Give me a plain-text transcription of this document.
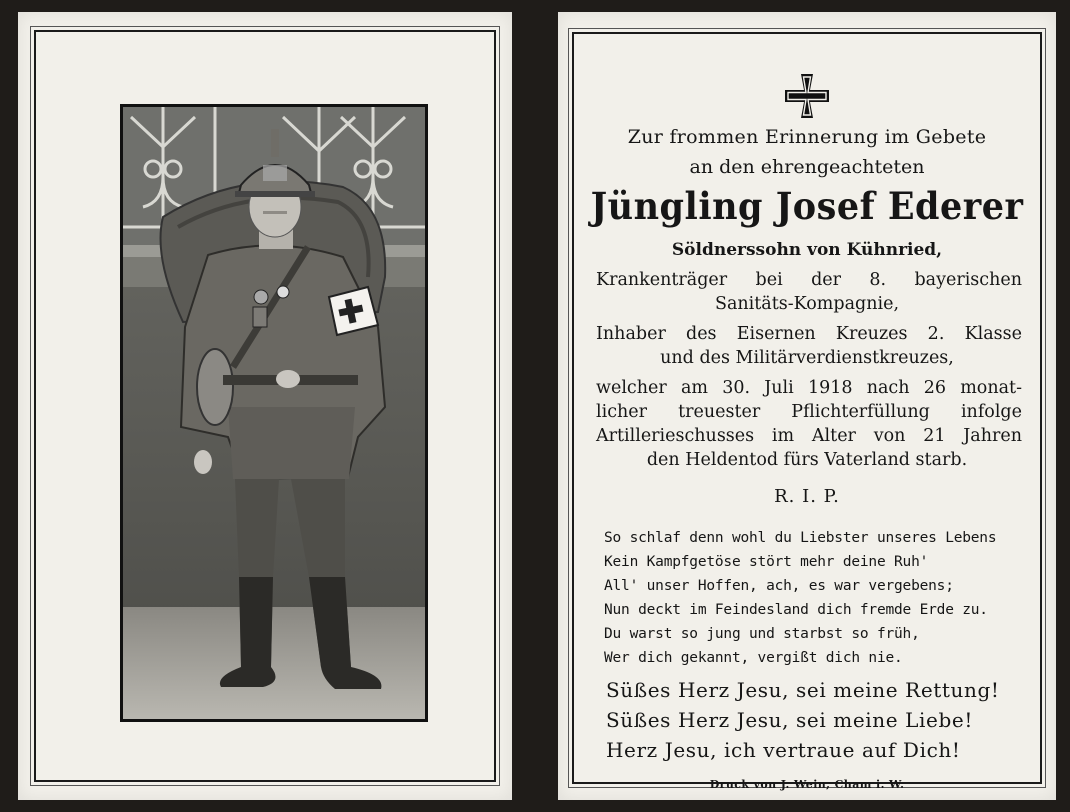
Zur frommen Erinnerung im Gebete
an den ehrengeachteten
Jüngling Josef Ederer
Söldnerssohn von Kühnried,
Krankenträger bei der 8. bayerischen
Sanitäts-Kompagnie,
Inhaber des Eisernen Kreuzes 2. Klasse
und des Militärverdienstkreuzes,
welcher am 30. Juli 1918 nach 26 monat-
licher treuester Pflichterfüllung infolge
Artillerieschusses im Alter von 21 Jahren
den Heldentod fürs Vaterland starb.
R. I. P.
So schlaf denn wohl du Liebster unseres Lebens
Kein Kampfgetöse stört mehr deine Ruh'
All' unser Hoffen, ach, es war vergebens;
Nun deckt im Feindesland dich fremde Erde zu.
Du warst so jung und starbst so früh,
Wer dich gekannt, vergißt dich nie.
Süßes Herz Jesu, sei meine Rettung!
Süßes Herz Jesu, sei meine Liebe!
Herz Jesu, ich vertraue auf Dich!
Druck von J. Wein, Cham i. W.
